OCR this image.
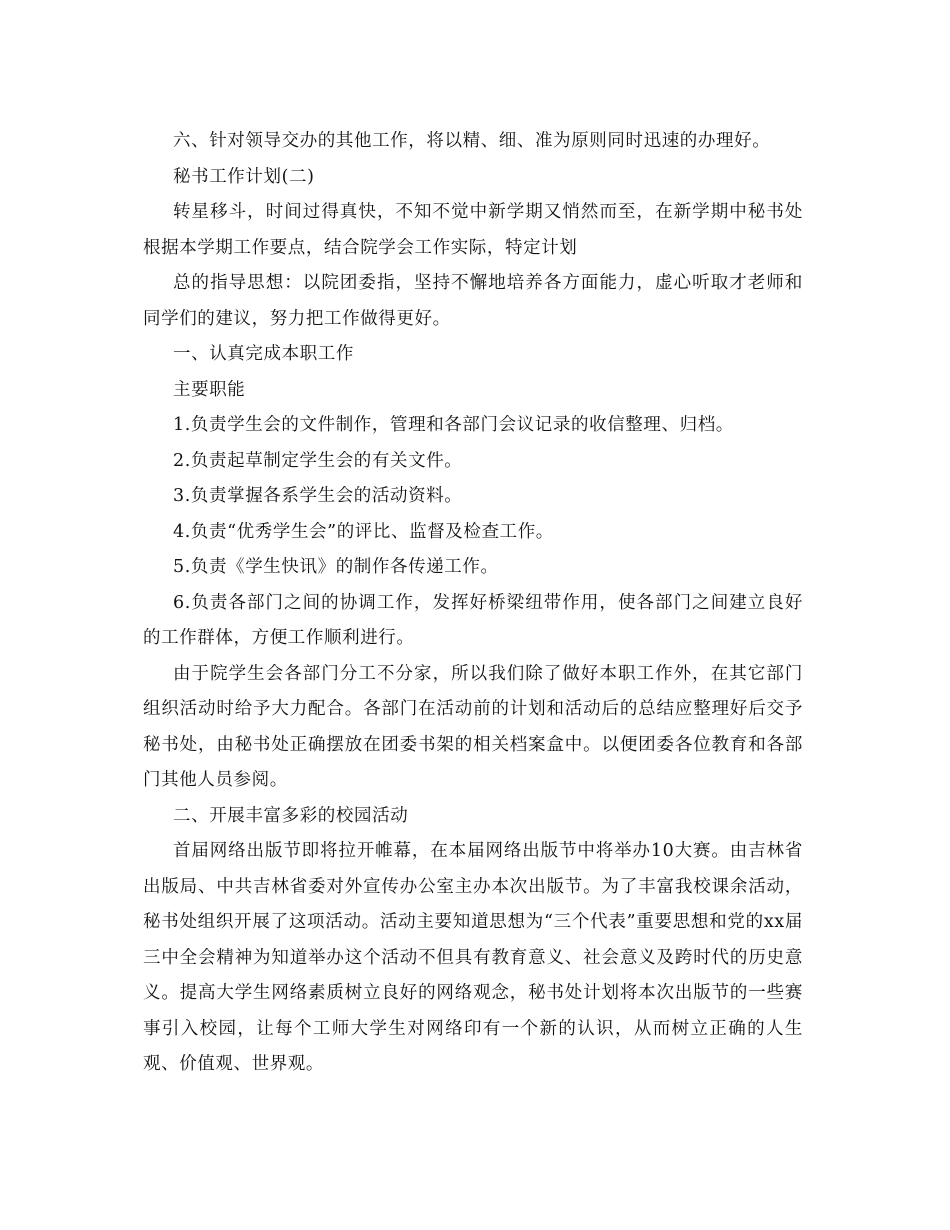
六、针对领导交办的其他工作，将以精、细、准为原则同时迅速的办理好。

秘书工作计划(二)

转星移斗，时间过得真快，不知不觉中新学期又悄然而至，在新学期中秘书处根据本学期工作要点，结合院学会工作实际，特定计划

总的指导思想：以院团委指，坚持不懈地培养各方面能力，虚心听取才老师和同学们的建议，努力把工作做得更好。

一、认真完成本职工作

主要职能

1.负责学生会的文件制作，管理和各部门会议记录的收信整理、归档。

2.负责起草制定学生会的有关文件。

3.负责掌握各系学生会的活动资料。

4.负责“优秀学生会”的评比、监督及检查工作。

5.负责《学生快讯》的制作各传递工作。

6.负责各部门之间的协调工作，发挥好桥梁纽带作用，使各部门之间建立良好的工作群体，方便工作顺利进行。

由于院学生会各部门分工不分家，所以我们除了做好本职工作外，在其它部门组织活动时给予大力配合。各部门在活动前的计划和活动后的总结应整理好后交予秘书处，由秘书处正确摆放在团委书架的相关档案盒中。以便团委各位教育和各部门其他人员参阅。

二、开展丰富多彩的校园活动

首届网络出版节即将拉开帷幕，在本届网络出版节中将举办10大赛。由吉林省出版局、中共吉林省委对外宣传办公室主办本次出版节。为了丰富我校课余活动，秘书处组织开展了这项活动。活动主要知道思想为“三个代表”重要思想和党的xx届三中全会精神为知道举办这个活动不但具有教育意义、社会意义及跨时代的历史意义。提高大学生网络素质树立良好的网络观念，秘书处计划将本次出版节的一些赛事引入校园，让每个工师大学生对网络印有一个新的认识，从而树立正确的人生观、价值观、世界观。
